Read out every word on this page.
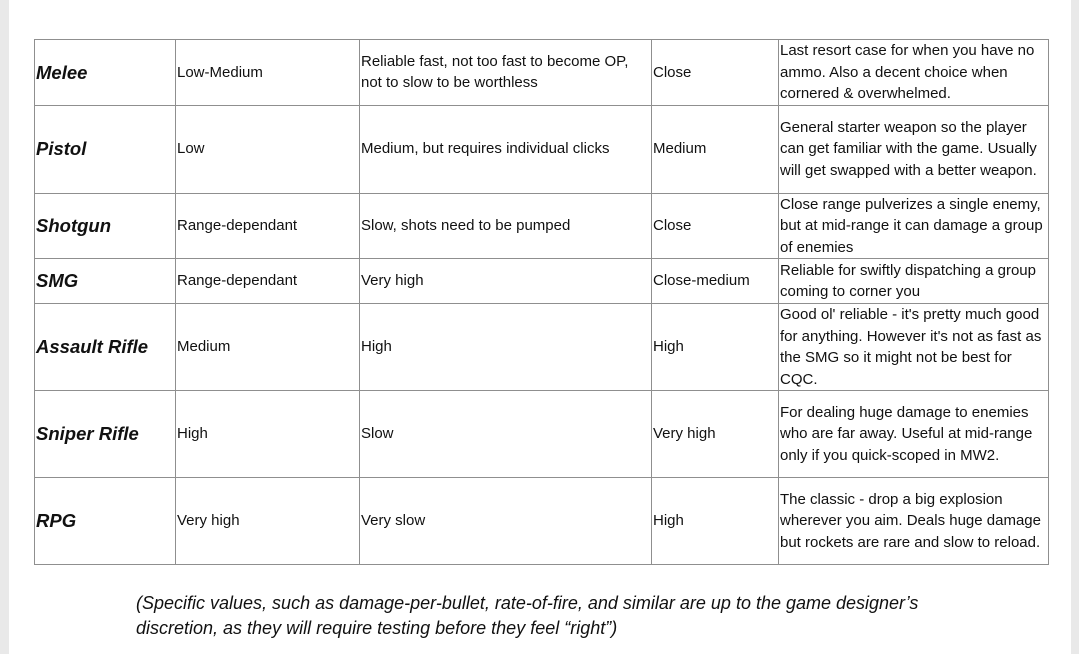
Melee	Low-Medium	Reliable fast, not too fast to become OP, not to slow to be worthless	Close	Last resort case for when you have no ammo. Also a decent choice when cornered & overwhelmed.
Pistol	Low	Medium, but requires individual clicks	Medium	General starter weapon so the player can get familiar with the game. Usually will get swapped with a better weapon.
Shotgun	Range-dependant	Slow, shots need to be pumped	Close	Close range pulverizes a single enemy, but at mid-range it can damage a group of enemies
SMG	Range-dependant	Very high	Close-medium	Reliable for swiftly dispatching a group coming to corner you
Assault Rifle	Medium	High	High	Good ol' reliable - it's pretty much good for anything. However it's not as fast as the SMG so it might not be best for CQC.
Sniper Rifle	High	Slow	Very high	For dealing huge damage to enemies who are far away. Useful at mid-range only if you quick-scoped in MW2.
RPG	Very high	Very slow	High	The classic - drop a big explosion wherever you aim. Deals huge damage but rockets are rare and slow to reload.
(Specific values, such as damage-per-bullet, rate-of-fire, and similar are up to the game designer’s discretion, as they will require testing before they feel “right”)
